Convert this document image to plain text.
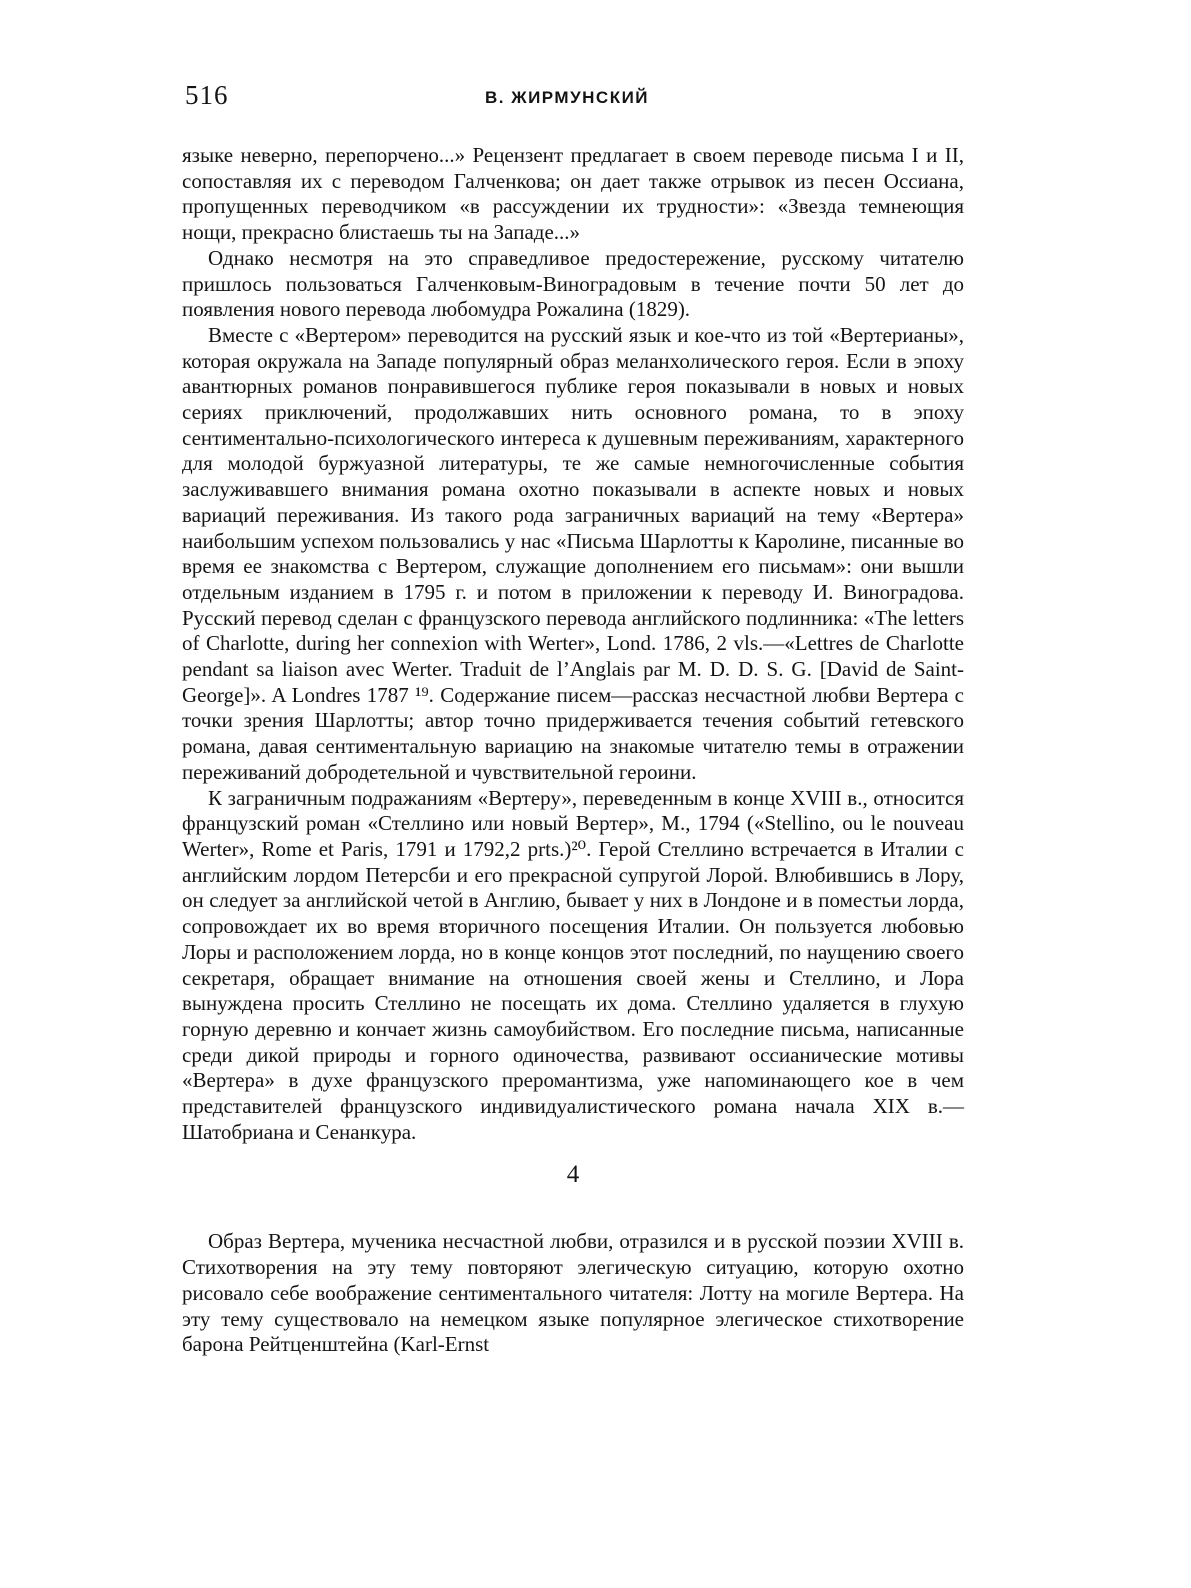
516	В. ЖИРМУНСКИЙ

языке неверно, перепорчено...» Рецензент предлагает в своем переводе письма I и II, сопоставляя их с переводом Галченкова; он дает также отрывок из песен Оссиана, пропущенных переводчиком «в рассуждении их трудности»: «Звезда темнеющия нощи, прекрасно блистаешь ты на Западе...»

Однако несмотря на это справедливое предостережение, русскому читателю пришлось пользоваться Галченковым-Виноградовым в течение почти 50 лет до появления нового перевода любомудра Рожалина (1829).

Вместе с «Вертером» переводится на русский язык и кое-что из той «Вертерианы», которая окружала на Западе популярный образ меланхолического героя. Если в эпоху авантюрных романов понравившегося публике героя показывали в новых и новых сериях приключений, продолжавших нить основного романа, то в эпоху сентиментально-психологического интереса к душевным переживаниям, характерного для молодой буржуазной литературы, те же самые немногочисленные события заслуживавшего внимания романа охотно показывали в аспекте новых и новых вариаций переживания. Из такого рода заграничных вариаций на тему «Вертера» наибольшим успехом пользовались у нас «Письма Шарлотты к Каролине, писанные во время ее знакомства с Вертером, служащие дополнением его письмам»: они вышли отдельным изданием в 1795 г. и потом в приложении к переводу И. Виноградова. Русский перевод сделан с французского перевода английского подлинника: «The letters of Charlotte, during her connexion with Werter», Lond. 1786, 2 vls.—«Lettres de Charlotte pendant sa liaison avec Werter. Traduit de l’Anglais par M. D. D. S. G. [David de Saint-George]». A Londres 1787 ¹⁹. Содержание писем—рассказ несчастной любви Вертера с точки зрения Шарлотты; автор точно придерживается течения событий гетевского романа, давая сентиментальную вариацию на знакомые читателю темы в отражении переживаний добродетельной и чувствительной героини.

К заграничным подражаниям «Вертеру», переведенным в конце XVIII в., относится французский роман «Стеллино или новый Вертер», М., 1794 («Stellino, ou le nouveau Werter», Rome et Paris, 1791 и 1792,2 prts.)²⁰. Герой Стеллино встречается в Италии с английским лордом Петерсби и его прекрасной супругой Лорой. Влюбившись в Лору, он следует за английской четой в Англию, бывает у них в Лондоне и в поместьи лорда, сопровождает их во время вторичного посещения Италии. Он пользуется любовью Лоры и расположением лорда, но в конце концов этот последний, по наущению своего секретаря, обращает внимание на отношения своей жены и Стеллино, и Лора вынуждена просить Стеллино не посещать их дома. Стеллино удаляется в глухую горную деревню и кончает жизнь самоубийством. Его последние письма, написанные среди дикой природы и горного одиночества, развивают оссианические мотивы «Вертера» в духе французского преромантизма, уже напоминающего кое в чем представителей французского индивидуалистического романа начала XIX в.—Шатобриана и Сенанкура.

4

Образ Вертера, мученика несчастной любви, отразился и в русской поэзии XVIII в. Стихотворения на эту тему повторяют элегическую ситуацию, которую охотно рисовало себе воображение сентиментального читателя: Лотту на могиле Вертера. На эту тему существовало на немецком языке популярное элегическое стихотворение барона Рейтценштейна (Karl-Ernst
